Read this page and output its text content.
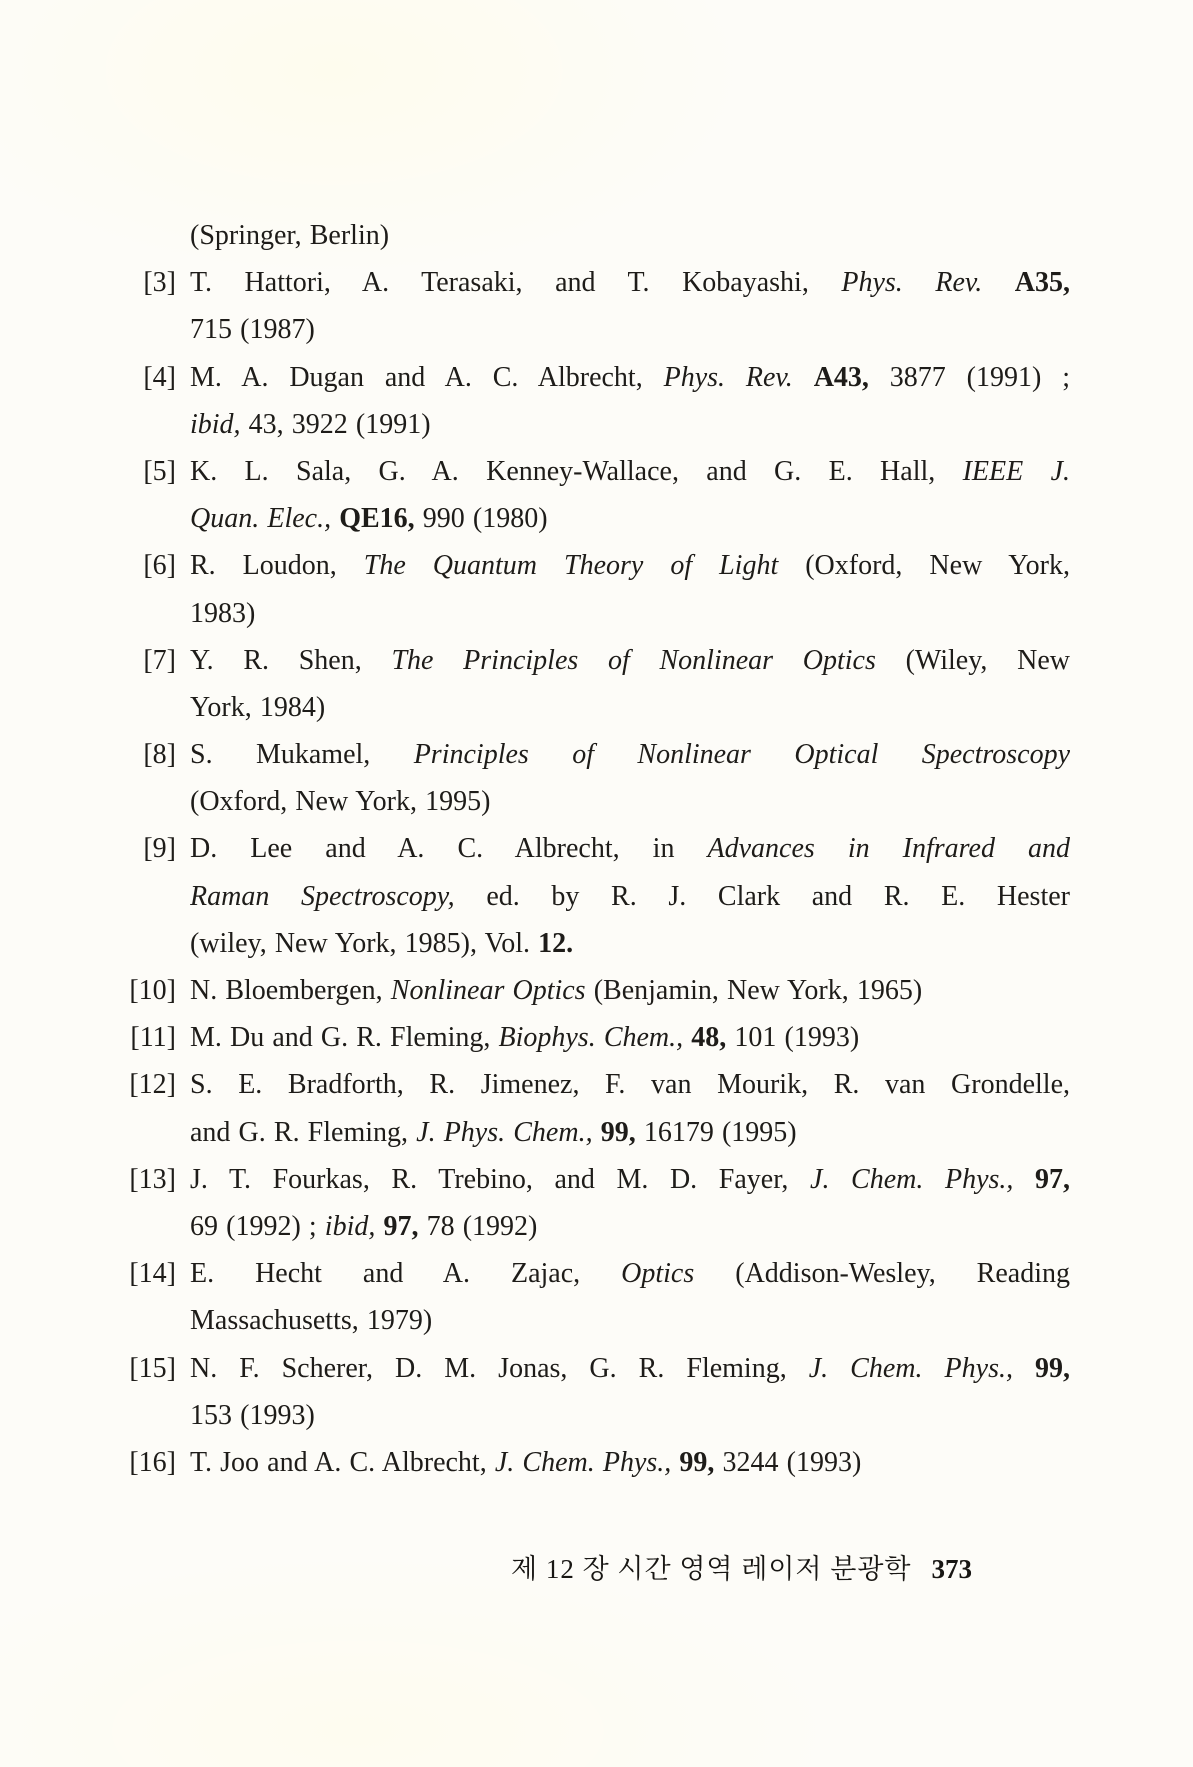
(Springer, Berlin)
[3] T. Hattori, A. Terasaki, and T. Kobayashi, Phys. Rev. A35,
715 (1987)
[4] M. A. Dugan and A. C. Albrecht, Phys. Rev. A43, 3877 (1991) ;
ibid, 43, 3922 (1991)
[5] K. L. Sala, G. A. Kenney-Wallace, and G. E. Hall, IEEE J.
Quan. Elec., QE16, 990 (1980)
[6] R. Loudon, The Quantum Theory of Light (Oxford, New York,
1983)
[7] Y. R. Shen, The Principles of Nonlinear Optics (Wiley, New
York, 1984)
[8] S. Mukamel, Principles of Nonlinear Optical Spectroscopy
(Oxford, New York, 1995)
[9] D. Lee and A. C. Albrecht, in Advances in Infrared and
Raman Spectroscopy, ed. by R. J. Clark and R. E. Hester
(wiley, New York, 1985), Vol. 12.
[10] N. Bloembergen, Nonlinear Optics (Benjamin, New York, 1965)
[11] M. Du and G. R. Fleming, Biophys. Chem., 48, 101 (1993)
[12] S. E. Bradforth, R. Jimenez, F. van Mourik, R. van Grondelle,
and G. R. Fleming, J. Phys. Chem., 99, 16179 (1995)
[13] J. T. Fourkas, R. Trebino, and M. D. Fayer, J. Chem. Phys., 97,
69 (1992) ; ibid, 97, 78 (1992)
[14] E. Hecht and A. Zajac, Optics (Addison-Wesley, Reading
Massachusetts, 1979)
[15] N. F. Scherer, D. M. Jonas, G. R. Fleming, J. Chem. Phys., 99,
153 (1993)
[16] T. Joo and A. C. Albrecht, J. Chem. Phys., 99, 3244 (1993)
제 12 장 시간 영역 레이저 분광학 373
